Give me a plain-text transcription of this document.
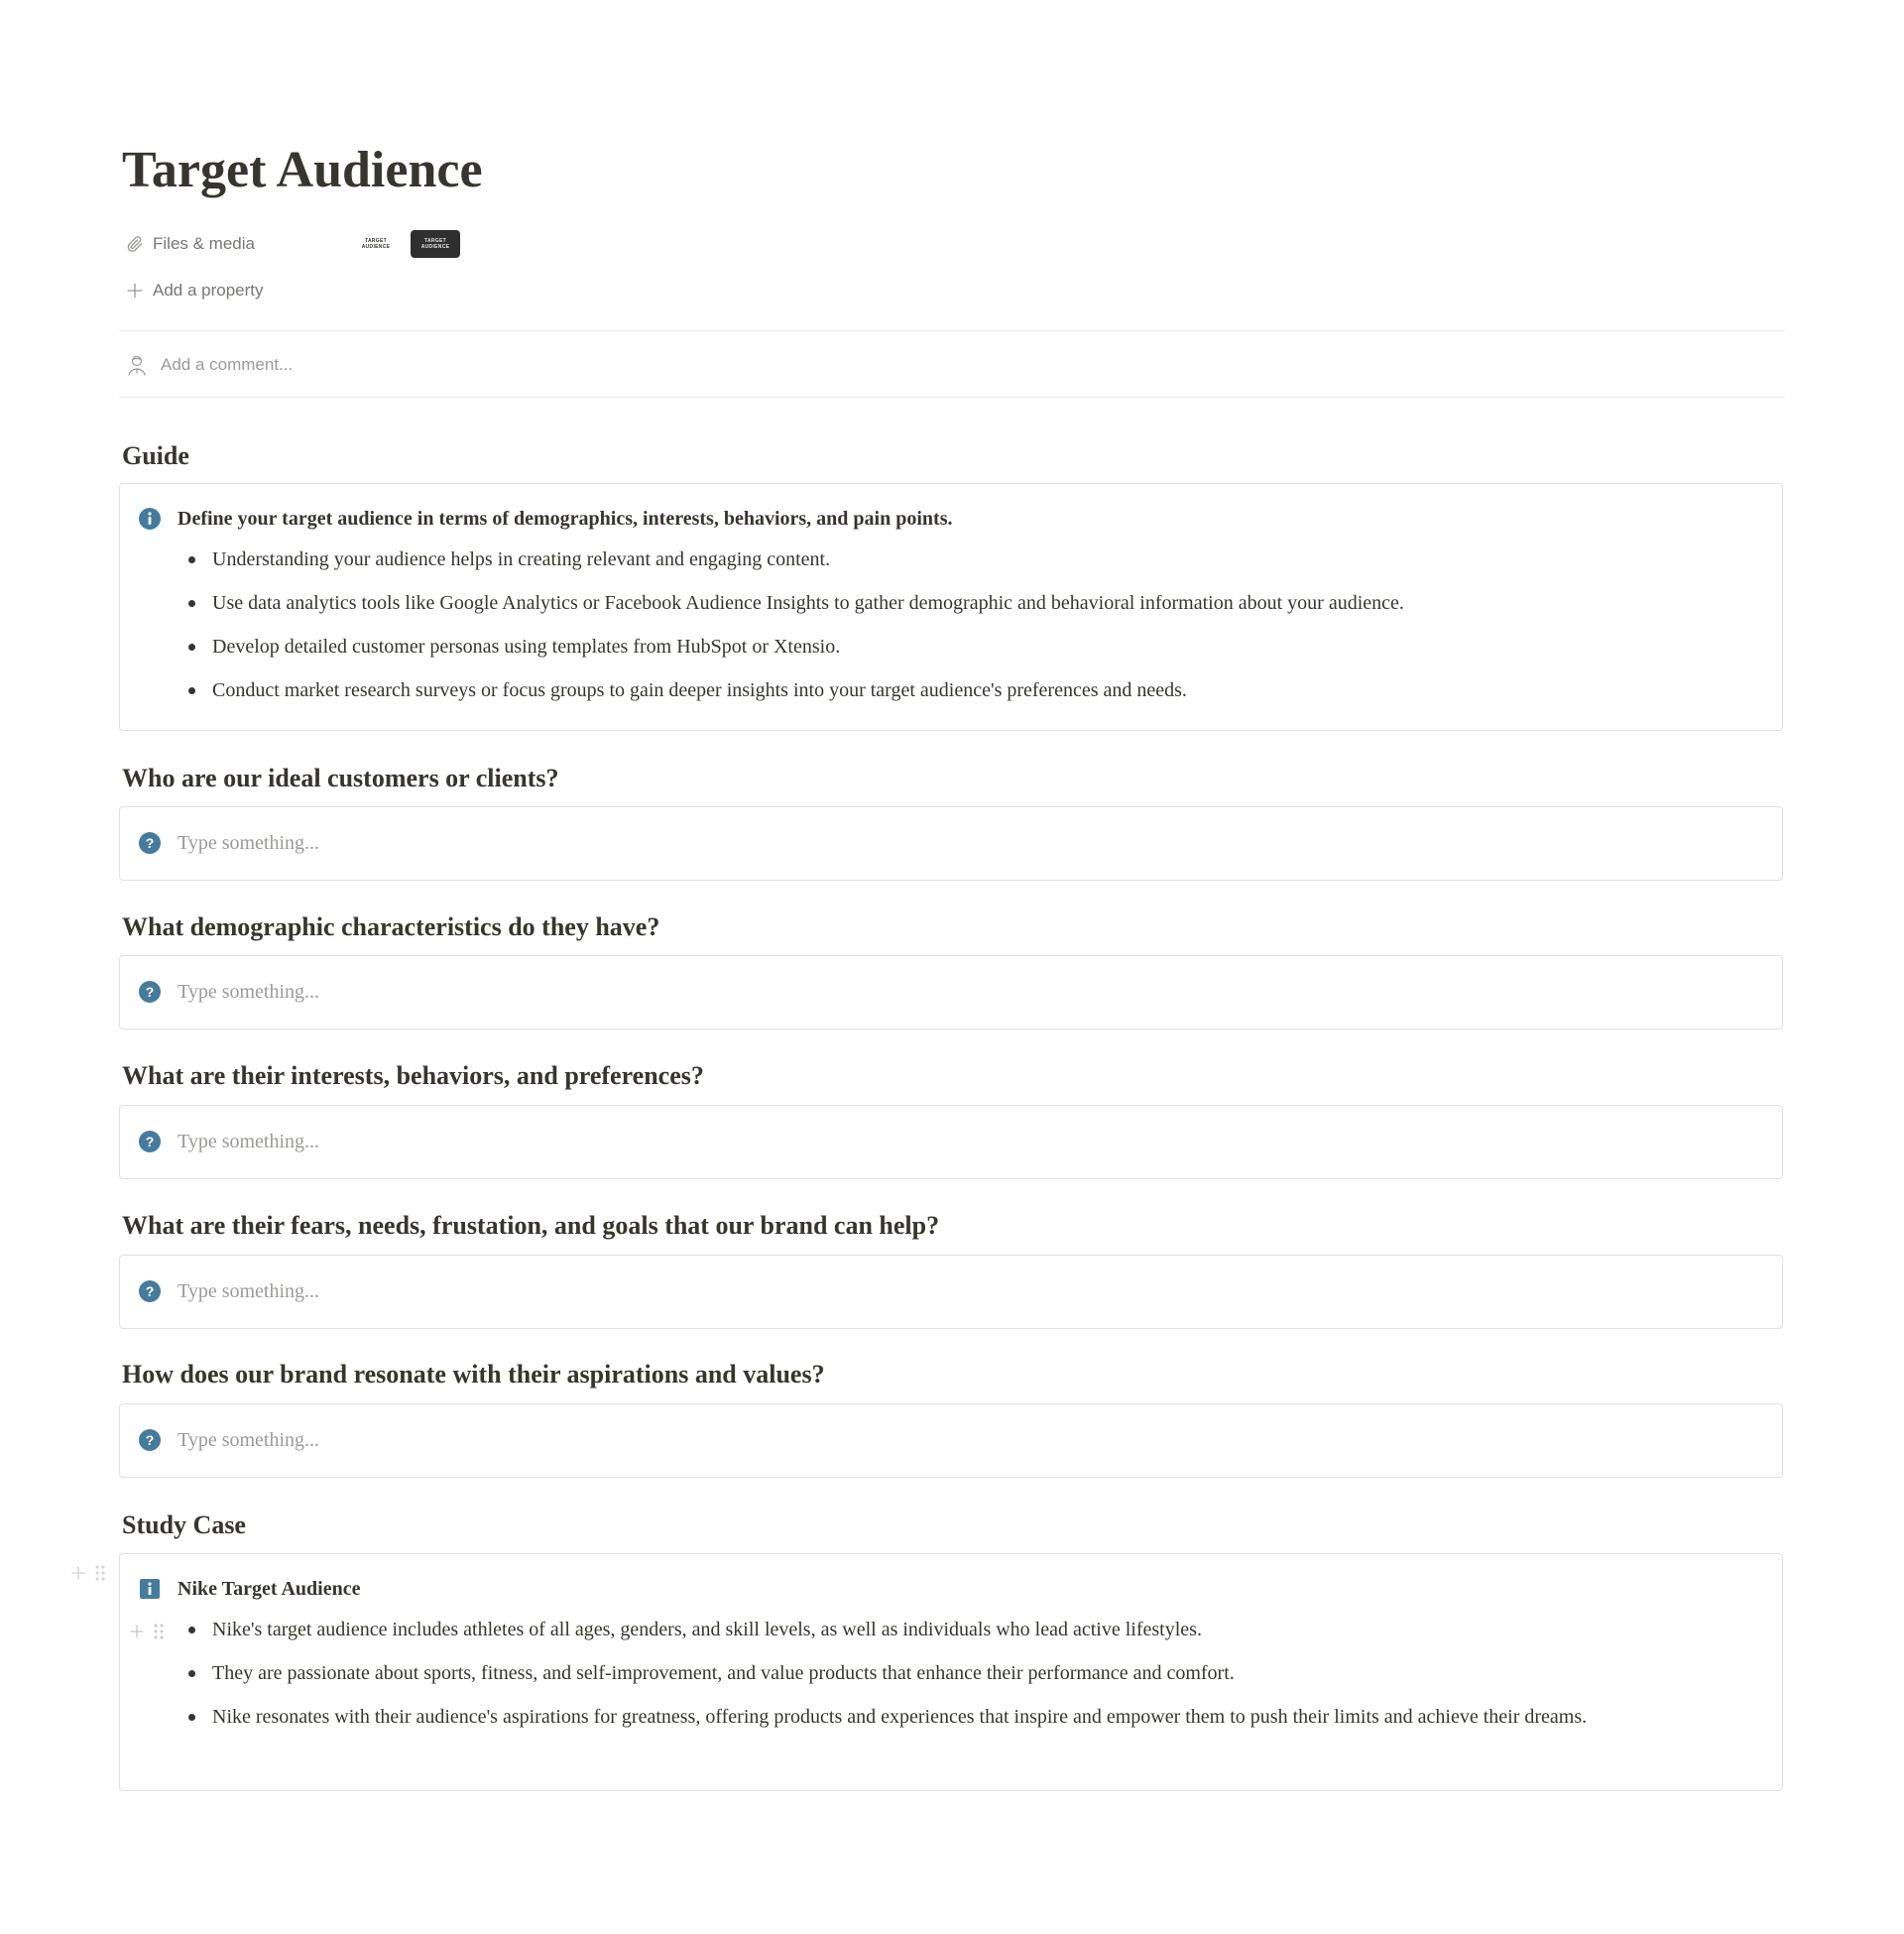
Target Audience
Files & media	TARGET
AUDIENCE
TARGET
AUDIENCE
Add a property
Add a comment...
Guide
Define your target audience in terms of demographics, interests, behaviors, and pain points.
Understanding your audience helps in creating relevant and engaging content.
Use data analytics tools like Google Analytics or Facebook Audience Insights to gather demographic and behavioral information about your audience.
Develop detailed customer personas using templates from HubSpot or Xtensio.
Conduct market research surveys or focus groups to gain deeper insights into your target audience's preferences and needs.
Who are our ideal customers or clients?
? Type something...
What demographic characteristics do they have?
? Type something...
What are their interests, behaviors, and preferences?
? Type something...
What are their fears, needs, frustation, and goals that our brand can help?
? Type something...
How does our brand resonate with their aspirations and values?
? Type something...
Study Case
Nike Target Audience
Nike's target audience includes athletes of all ages, genders, and skill levels, as well as individuals who lead active lifestyles.
They are passionate about sports, fitness, and self-improvement, and value products that enhance their performance and comfort.
Nike resonates with their audience's aspirations for greatness, offering products and experiences that inspire and empower them to push their limits and achieve their dreams.
